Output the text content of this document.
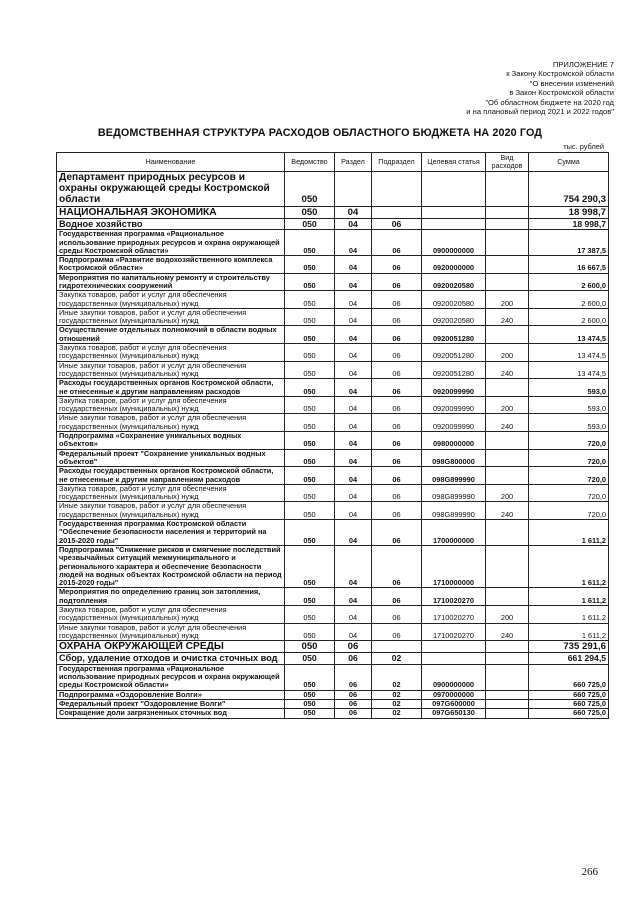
ПРИЛОЖЕНИЕ 7
к Закону Костромской области
"О внесении изменений
в Закон Костромской области
"Об областном бюджете на 2020 год
и на плановый период 2021 и 2022 годов"
ВЕДОМСТВЕННАЯ СТРУКТУРА РАСХОДОВ ОБЛАСТНОГО БЮДЖЕТА НА 2020 ГОД
тыс. рублей
Наименование	Ведомство	Раздел	Подраздел	Целевая статья	Вид расходов	Сумма
Департамент природных ресурсов и охраны окружающей среды Костромской области	050					754 290,3
НАЦИОНАЛЬНАЯ ЭКОНОМИКА	050	04				18 998,7
Водное хозяйство	050	04	06			18 998,7
Государственная программа «Рациональное использование природных ресурсов и охрана окружающей среды Костромской области»	050	04	06	0900000000		17 387,5
Подпрограмма «Развитие водохозяйственного комплекса Костромской области»	050	04	06	0920000000		16 667,5
Мероприятия по капитальному ремонту и строительству гидротехнических сооружений	050	04	06	0920020580		2 600,0
Закупка товаров, работ и услуг для обеспечения государственных (муниципальных) нужд	050	04	06	0920020580	200	2 600,0
Иные закупки товаров, работ и услуг для обеспечения государственных (муниципальных) нужд	050	04	06	0920020580	240	2 600,0
Осуществление отдельных полномочий в области водных отношений	050	04	06	0920051280		13 474,5
Закупка товаров, работ и услуг для обеспечения государственных (муниципальных) нужд	050	04	06	0920051280	200	13 474,5
Иные закупки товаров, работ и услуг для обеспечения государственных (муниципальных) нужд	050	04	06	0920051280	240	13 474,5
Расходы государственных органов Костромской области, не отнесенные к другим направлениям расходов	050	04	06	0920099990		593,0
Закупка товаров, работ и услуг для обеспечения государственных (муниципальных) нужд	050	04	06	0920099990	200	593,0
Иные закупки товаров, работ и услуг для обеспечения государственных (муниципальных) нужд	050	04	06	0920099990	240	593,0
Подпрограмма «Сохранение уникальных водных объектов»	050	04	06	0980000000		720,0
Федеральный проект "Сохранение уникальных водных объектов"	050	04	06	098G800000		720,0
Расходы государственных органов Костромской области, не отнесенные к другим направлениям расходов	050	04	06	098G899990		720,0
Закупка товаров, работ и услуг для обеспечения государственных (муниципальных) нужд	050	04	06	098G899990	200	720,0
Иные закупки товаров, работ и услуг для обеспечения государственных (муниципальных) нужд	050	04	06	098G899990	240	720,0
Государственная программа Костромской области "Обеспечение безопасности населения и территорий на 2015-2020 годы"	050	04	06	1700000000		1 611,2
Подпрограмма "Снижение рисков и смягчение последствий чрезвычайных ситуаций межмуниципального и регионального характера и обеспечение безопасности людей на водных объектах Костромской области на период 2015-2020 годы"	050	04	06	1710000000		1 611,2
Мероприятия по определению границ зон затопления, подтопления	050	04	06	1710020270		1 611,2
Закупка товаров, работ и услуг для обеспечения государственных (муниципальных) нужд	050	04	06	1710020270	200	1 611,2
Иные закупки товаров, работ и услуг для обеспечения государственных (муниципальных) нужд	050	04	06	1710020270	240	1 611,2
ОХРАНА ОКРУЖАЮЩЕЙ СРЕДЫ	050	06				735 291,6
Сбор, удаление отходов и очистка сточных вод	050	06	02			661 294,5
Государственная программа «Рациональное использование природных ресурсов и охрана окружающей среды Костромской области»	050	06	02	0900000000		660 725,0
Подпрограмма «Оздоровление Волги»	050	06	02	0970000000		660 725,0
Федеральный проект "Оздоровление Волги"	050	06	02	097G600000		660 725,0
Сокращение доли загрязненных сточных вод	050	06	02	097G650130		660 725,0
266
